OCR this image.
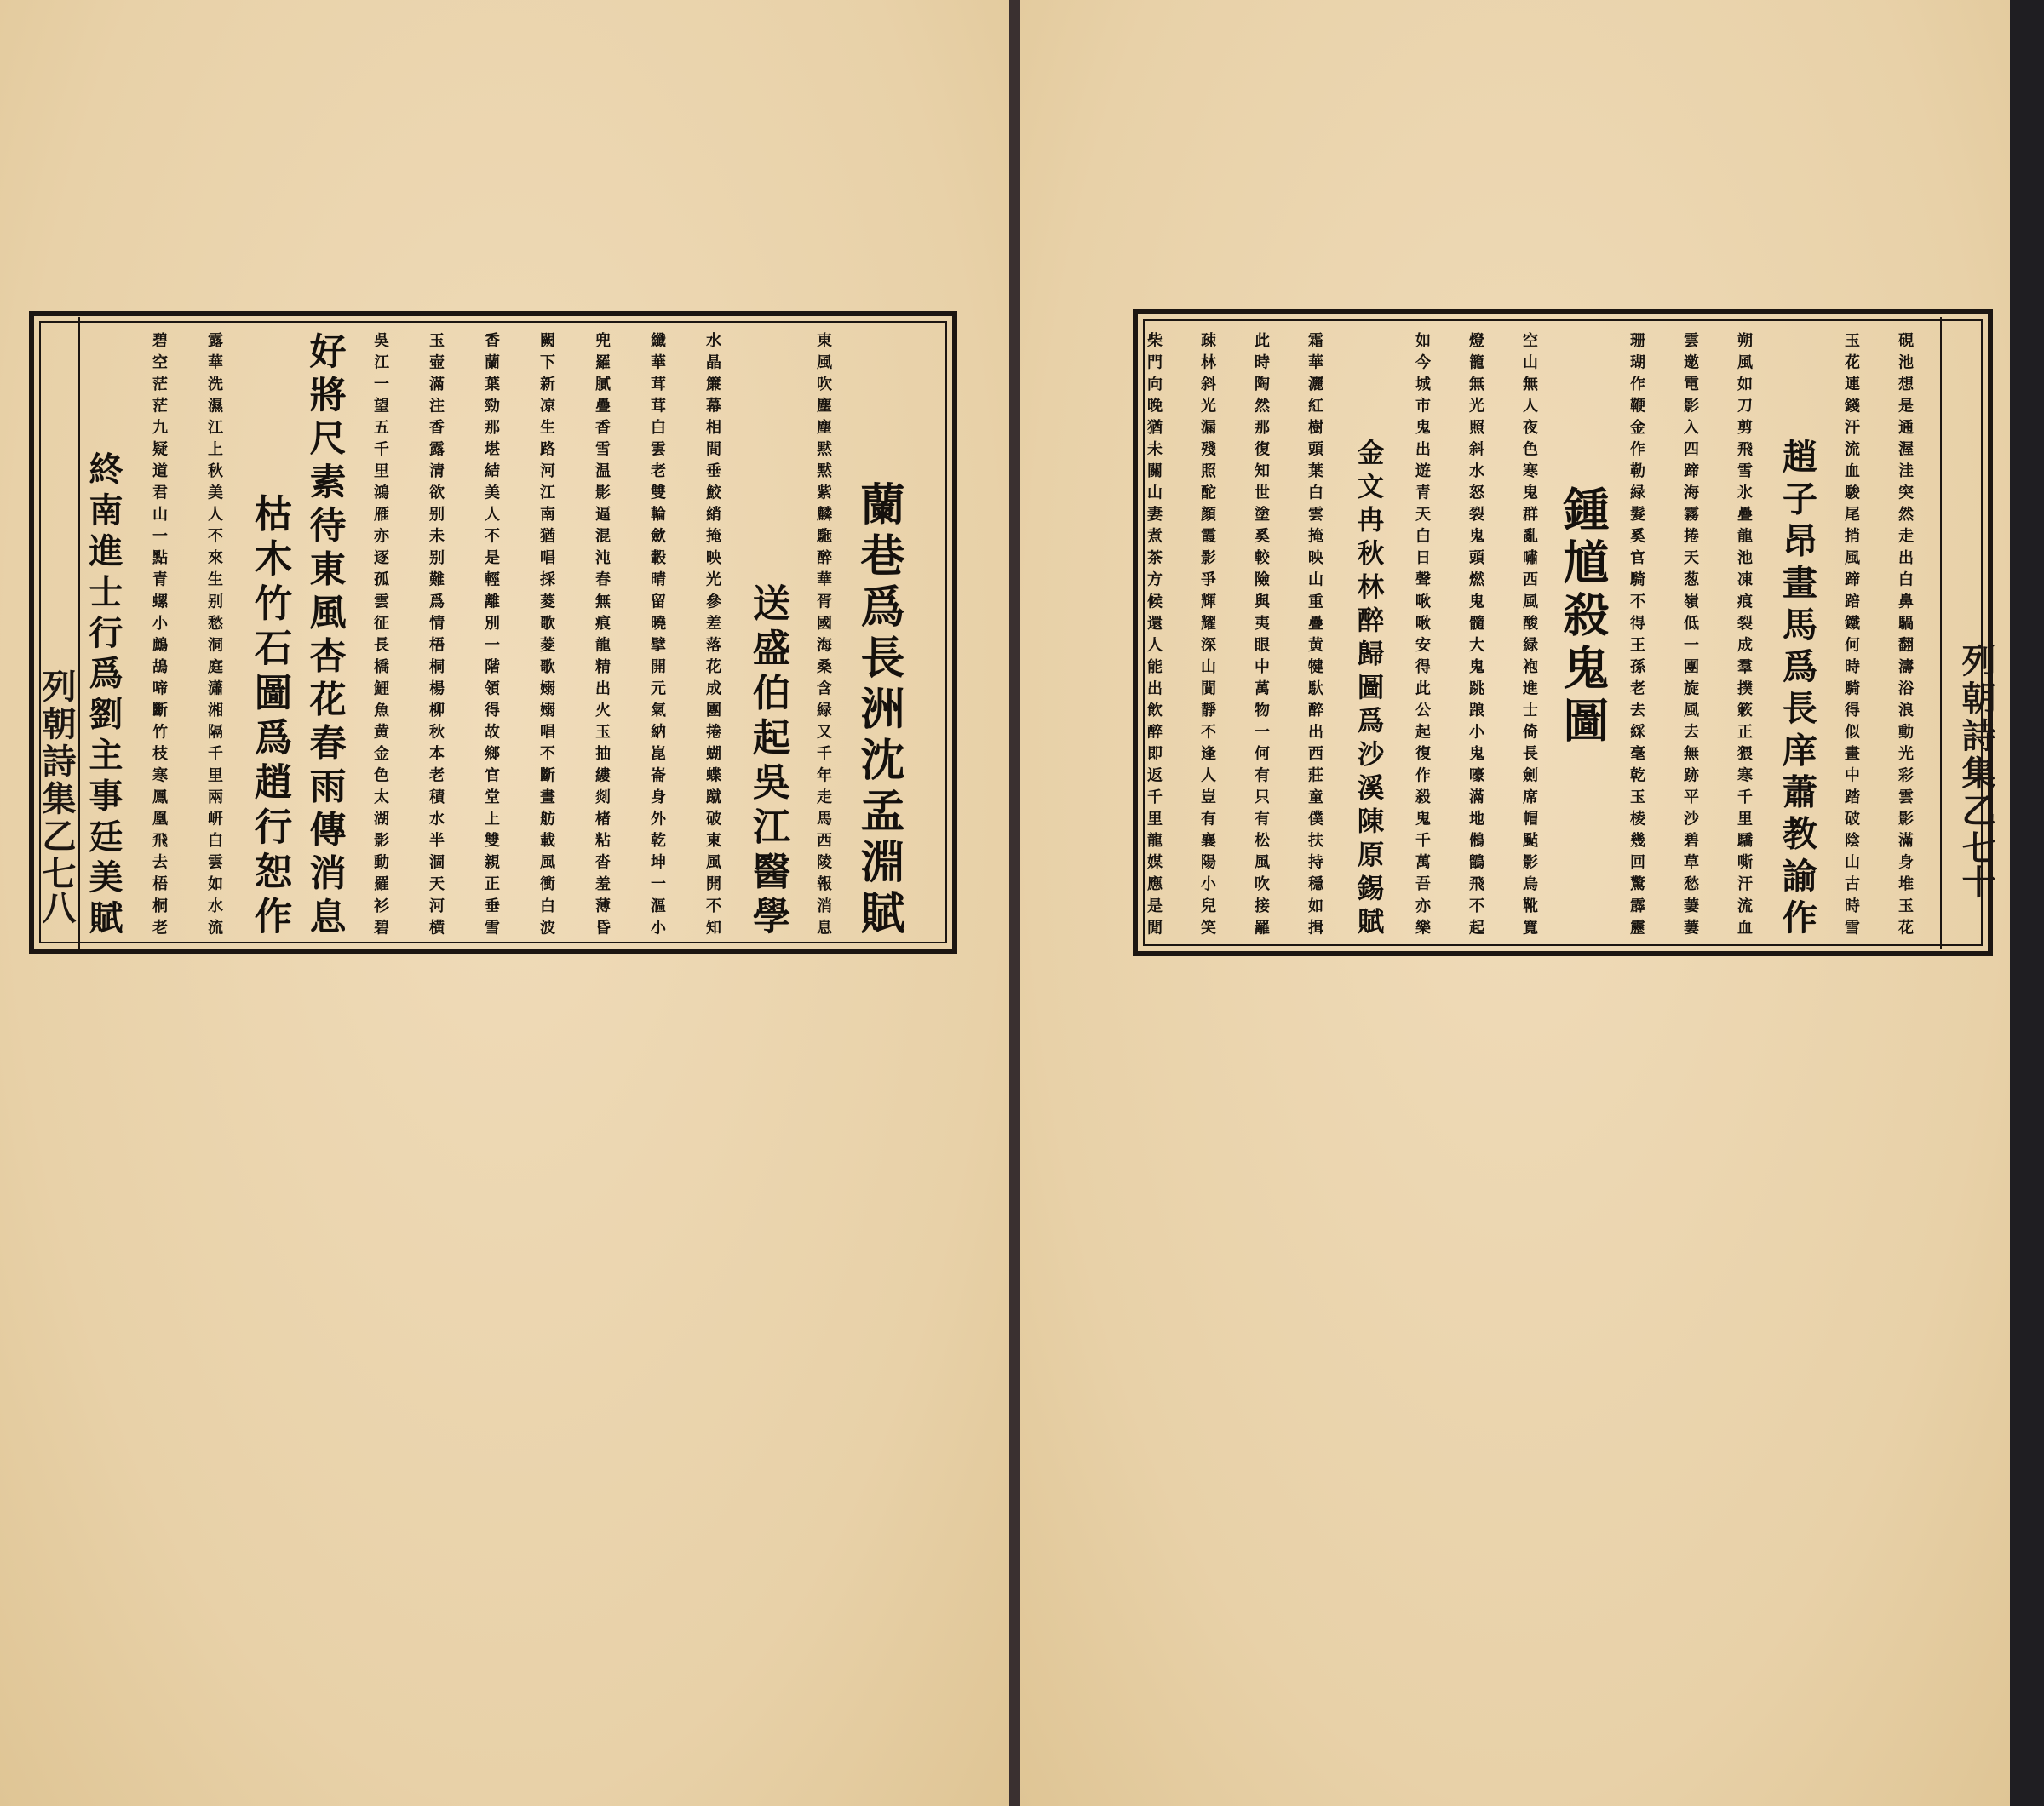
列朝詩集乙七
八
列朝詩集乙七
十
蘭巷爲長洲沈孟淵賦
東風吹塵塵黙黙紫麟駞醉華胥國海桑含緑又千年走馬西陵報消息
送盛伯起吳江醫學
水晶簾幕相間垂鮫綃掩映光參差落花成團捲蝴蝶蹴破東風開不知
纖華茸茸白雲老雙輪歛轂晴留曉擘開元氣納崑崙身外乾坤一漚小
兜羅膩疊香雪温影逼混沌春無痕龍精出火玉抽縷剡楮粘沓羞薄昏
闕下新凉生路河江南猶唱採菱歌菱歌嫋嫋唱不斷畫舫載風衝白波
香蘭葉勁那堪結美人不是輕離別一階領得故鄉官堂上雙親正垂雪
玉壺滿注香露清欲别未别難爲情梧桐楊柳秋本老積水半涸天河横
吳江一望五千里鴻雁亦逐孤雲征長橋鯉魚黄金色太湖影動羅衫碧
好將尺素待東風杏花春雨傳消息
枯木竹石圖爲趙行恕作
露華洗濕江上秋美人不來生别愁洞庭瀟湘隔千里兩岍白雲如水流
碧空茫茫九疑道君山一點青螺小鷓鴣啼斷竹枝寒鳳凰飛去梧桐老
終南進士行爲劉主事廷美賦	硯池想是通渥洼突然走出白鼻騧翻濤浴浪動光彩雲影滿身堆玉花
玉花連錢汗流血駿尾捎風蹄踣鐵何時騎得似畫中踏破陰山古時雪
趙子昂畫馬爲長庠蕭教諭作
朔風如刀剪飛雪氷疊龍池凍痕裂成羣撲簌正猥寒千里驕嘶汗流血
雲邀電影入四蹄海霧捲天葱嶺低一團旋風去無跡平沙碧草愁萋萋
珊瑚作鞭金作勒緑髮奚官騎不得王孫老去綵毫乾玉棱幾回驚霹靂
鍾馗殺鬼圖
空山無人夜色寒鬼群亂嘯西風酸緑袍進士倚長劍席帽颭影烏靴寬
燈籠無光照斜水怒裂鬼頭燃鬼髓大鬼跳踉小鬼嚎滿地鵂鶹飛不起
如今城市鬼出遊青天白日聲啾啾安得此公起復作殺鬼千萬吾亦樂
金文冉秋林醉歸圖爲沙溪陳原錫賦
霜華灑紅樹頭葉白雲掩映山重疊黄犍馱醉出西莊童僕扶持穩如揖
此時陶然那復知世塗奚較險與夷眼中萬物一何有只有松風吹接䍦
疎林斜光漏殘照酡顔霞影爭輝耀深山閴靜不逢人豈有襄陽小兒笑
柴門向晚猶未關山妻煮茶方候還人能出飲醉即返千里龍媒應是閒
